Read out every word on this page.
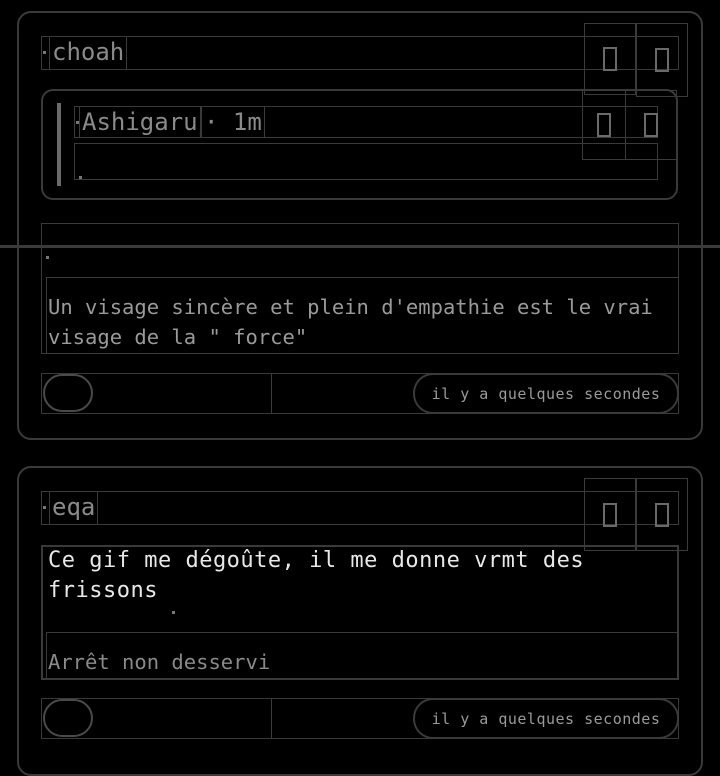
choah
Ashigaru · 1m
Un visage sincère et plein d'empathie est le vrai visage de la " force"
il y a quelques secondes
eqa
Ce gif me dégoûte, il me donne vrmt des frissons
Arrêt non desservi
il y a quelques secondes
